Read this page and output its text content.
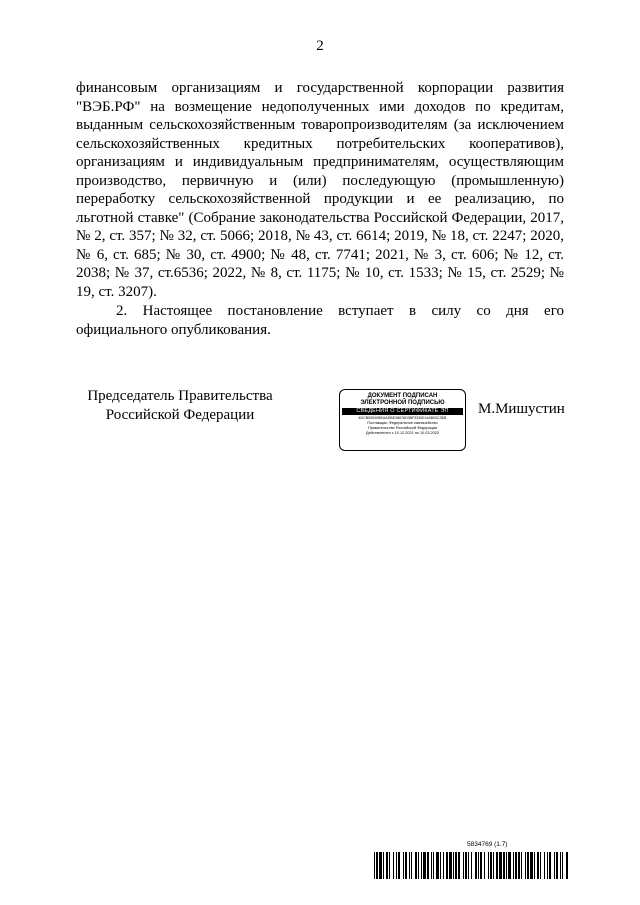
2

финансовым организациям и государственной корпорации развития "ВЭБ.РФ" на возмещение недополученных ими доходов по кредитам, выданным сельскохозяйственным товаропроизводителям (за исключением сельскохозяйственных кредитных потребительских кооперативов), организациям и индивидуальным предпринимателям, осуществляющим производство, первичную и (или) последующую (промышленную) переработку сельскохозяйственной продукции и ее реализацию, по льготной ставке" (Собрание законодательства Российской Федерации, 2017, № 2, ст. 357; № 32, ст. 5066; 2018, № 43, ст. 6614; 2019, № 18, ст. 2247; 2020, № 6, ст. 685; № 30, ст. 4900; № 48, ст. 7741; 2021, № 3, ст. 606; № 12, ст. 2038; № 37, ст.6536; 2022, № 8, ст. 1175; № 10, ст. 1533; № 15, ст. 2529; № 19, ст. 3207).

2. Настоящее постановление вступает в силу со дня его официального опубликования.

Председатель Правительства
Российской Федерации
ДОКУМЕНТ ПОДПИСАН
ЭЛЕКТРОННОЙ ПОДПИСЬЮ
СВЕДЕНИЯ О СЕРТИФИКАТЕ ЭП
4DCB05000BEAADBE38676D3BF3330E444B03C3EB
Поставщик: Федеральное казначейство
Правительство Российской Федерации
Действителен с 10.12.2021 по 10.03.2023
М.Мишустин
5834769 (1.7)
